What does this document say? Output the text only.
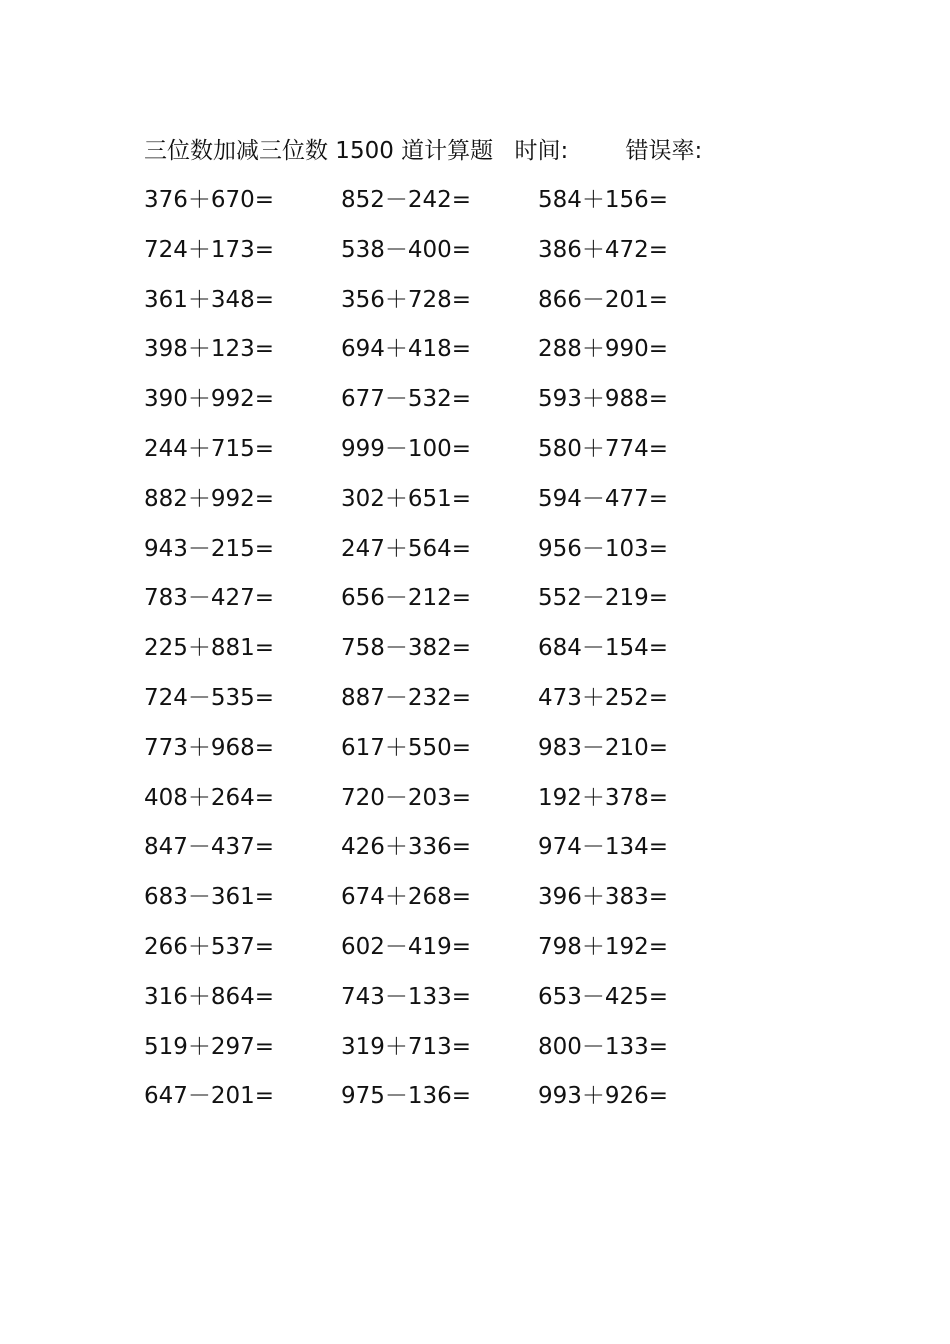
三位数加减三位数 1500 道计算题 时间: 错误率:
376＋670=	852－242=	584＋156=
724＋173=	538－400=	386＋472=
361＋348=	356＋728=	866－201=
398＋123=	694＋418=	288＋990=
390＋992=	677－532=	593＋988=
244＋715=	999－100=	580＋774=
882＋992=	302＋651=	594－477=
943－215=	247＋564=	956－103=
783－427=	656－212=	552－219=
225＋881=	758－382=	684－154=
724－535=	887－232=	473＋252=
773＋968=	617＋550=	983－210=
408＋264=	720－203=	192＋378=
847－437=	426＋336=	974－134=
683－361=	674＋268=	396＋383=
266＋537=	602－419=	798＋192=
316＋864=	743－133=	653－425=
519＋297=	319＋713=	800－133=
647－201=	975－136=	993＋926=
